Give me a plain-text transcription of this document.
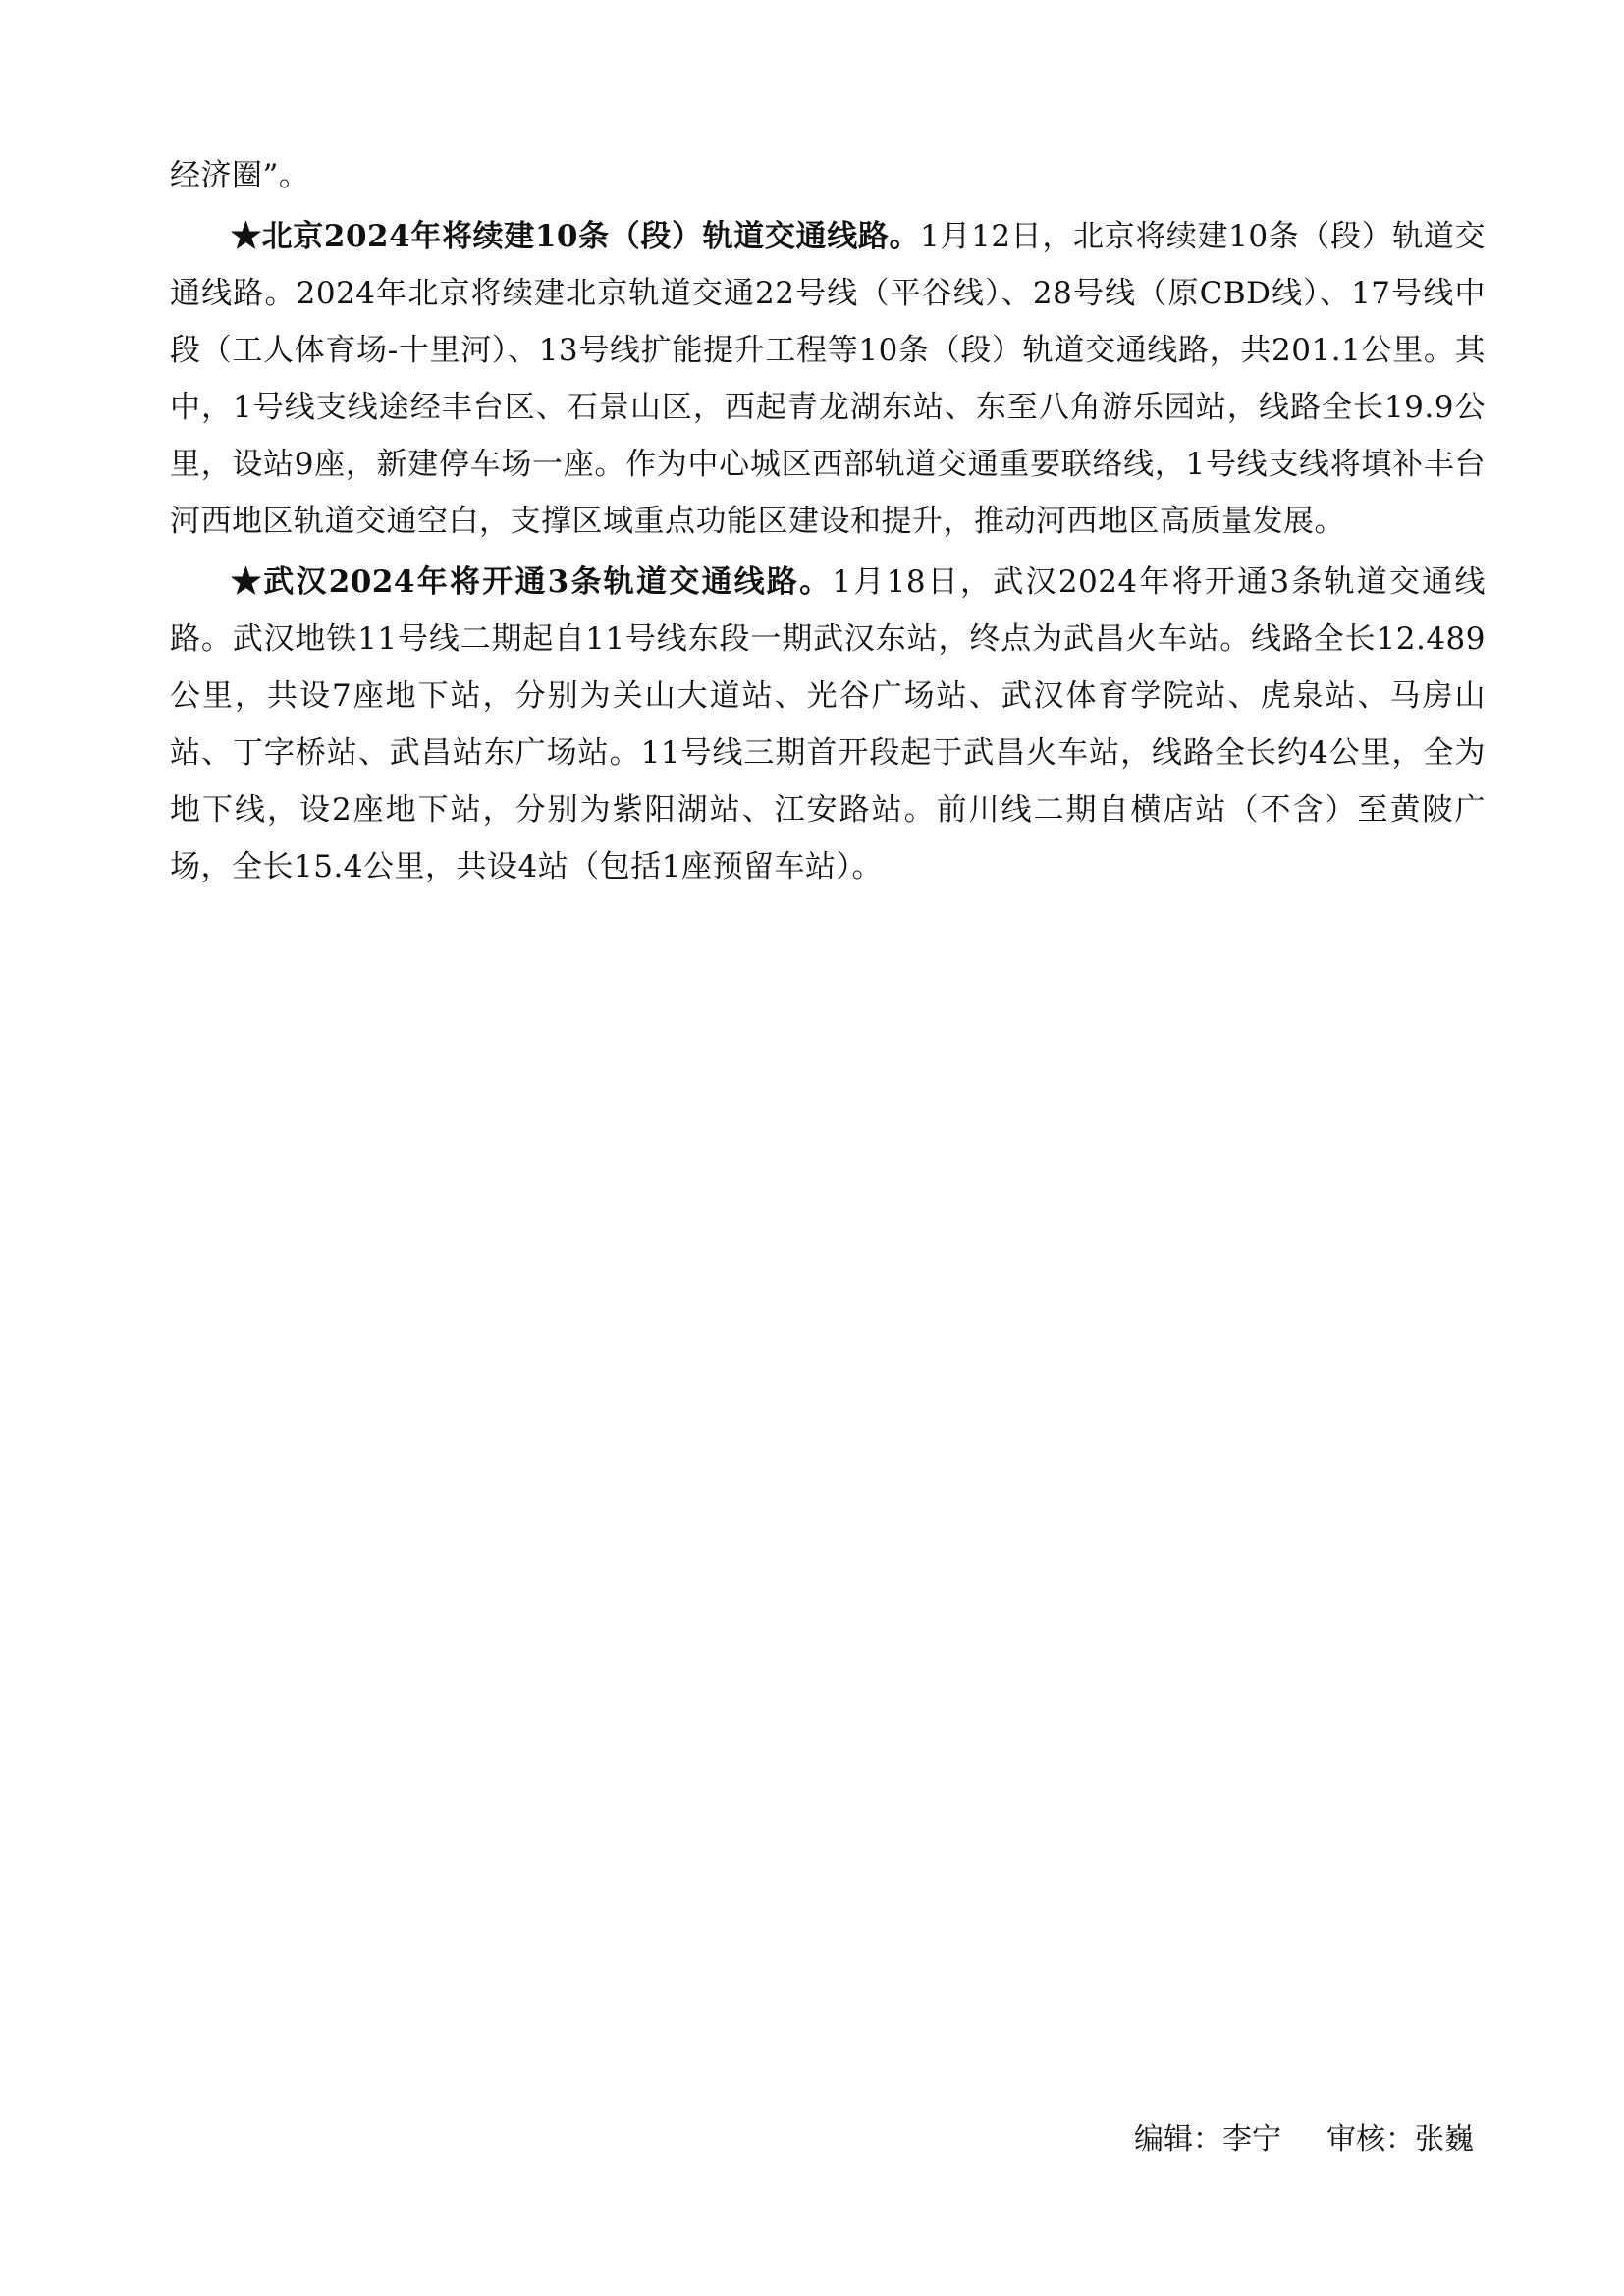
经济圈”。

★北京2024年将续建10条（段）轨道交通线路。1月12日，北京将续建10条（段）轨道交通线路。2024年北京将续建北京轨道交通22号线（平谷线）、28号线（原CBD线）、17号线中段（工人体育场-十里河）、13号线扩能提升工程等10条（段）轨道交通线路，共201.1公里。其中，1号线支线途经丰台区、石景山区，西起青龙湖东站、东至八角游乐园站，线路全长19.9公里，设站9座，新建停车场一座。作为中心城区西部轨道交通重要联络线，1号线支线将填补丰台河西地区轨道交通空白，支撑区域重点功能区建设和提升，推动河西地区高质量发展。

★武汉2024年将开通3条轨道交通线路。1月18日，武汉2024年将开通3条轨道交通线路。武汉地铁11号线二期起自11号线东段一期武汉东站，终点为武昌火车站。线路全长12.489公里，共设7座地下站，分别为关山大道站、光谷广场站、武汉体育学院站、虎泉站、马房山站、丁字桥站、武昌站东广场站。11号线三期首开段起于武昌火车站，线路全长约4公里，全为地下线，设2座地下站，分别为紫阳湖站、江安路站。前川线二期自横店站（不含）至黄陂广场，全长15.4公里，共设4站（包括1座预留车站）。

编辑：李宁 审核：张巍
